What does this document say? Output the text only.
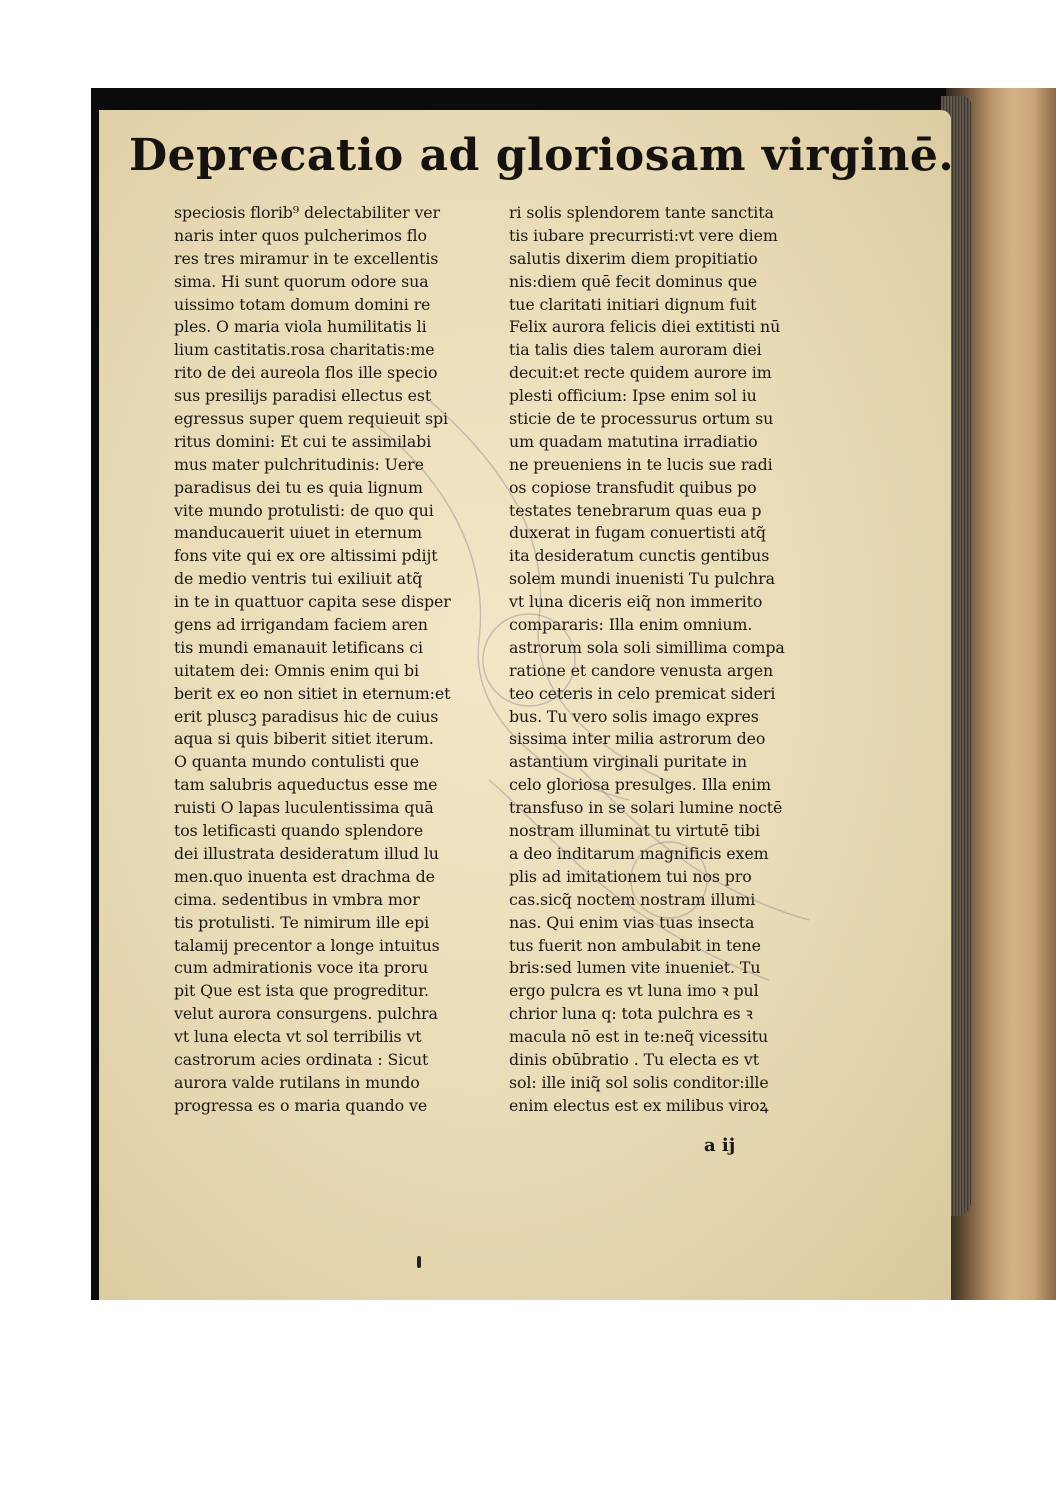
Deprecatio ad gloriosam virginē.
speciosis florib⁹ delectabiliter ver
naris inter quos pulcherimos flo
res tres miramur in te excellentis
sima. Hi sunt quorum odore sua
uissimo totam domum domini re
ples. O maria viola humilitatis li
lium castitatis.rosa charitatis:me
rito de dei aureola flos ille specio
sus presilijs paradisi ellectus est
egressus super quem requieuit spi
ritus domini: Et cui te assimilabi
mus mater pulchritudinis: Uere
paradisus dei tu es quia lignum
vite mundo protulisti: de quo qui
manducauerit uiuet in eternum
fons vite qui ex ore altissimi pdijt
de medio ventris tui exiliuit atq̃
in te in quattuor capita sese disper
gens ad irrigandam faciem aren
tis mundi emanauit letificans ci
uitatem dei: Omnis enim qui bi
berit ex eo non sitiet in eternum:et
erit pluscꝫ paradisus hic de cuius
aqua si quis biberit sitiet iterum.
O quanta mundo contulisti que
tam salubris aqueductus esse me
ruisti O lapas luculentissima quā
tos letificasti quando splendore
dei illustrata desideratum illud lu
men.quo inuenta est drachma de
cima. sedentibus in vmbra mor
tis protulisti. Te nimirum ille epi
talamij precentor a longe intuitus
cum admirationis voce ita proru
pit Que est ista que progreditur.
velut aurora consurgens. pulchra
vt luna electa vt sol terribilis vt
castrorum acies ordinata : Sicut
aurora valde rutilans in mundo
progressa es o maria quando ve
ri solis splendorem tante sanctita
tis iubare precurristi:vt vere diem
salutis dixerim diem propitiatio
nis:diem quē fecit dominus que
tue claritati initiari dignum fuit
Felix aurora felicis diei extitisti nū
tia talis dies talem auroram diei
decuit:et recte quidem aurore im
plesti officium: Ipse enim sol iu
sticie de te processurus ortum su
um quadam matutina irradiatio
ne preueniens in te lucis sue radi
os copiose transfudit quibus po
testates tenebrarum quas eua p
duxerat in fugam conuertisti atq̃
ita desideratum cunctis gentibus
solem mundi inuenisti Tu pulchra
vt luna diceris eiq̃ non immerito
compararis: Illa enim omnium.
astrorum sola soli simillima compa
ratione et candore venusta argen
teo ceteris in celo premicat sideri
bus. Tu vero solis imago expres
sissima inter milia astrorum deo
astantium virginali puritate in
celo gloriosa presulges. Illa enim
transfuso in se solari lumine noctē
nostram illuminat tu virtutē tibi
a deo inditarum magnificis exem
plis ad imitationem tui nos pro
cas.sicq̃ noctem nostram illumi
nas. Qui enim vias tuas insecta
tus fuerit non ambulabit in tene
bris:sed lumen vite inueniet. Tu
ergo pulcra es vt luna imo ꝛ pul
chrior luna q: tota pulchra es ꝛ
macula nō est in te:neq̃ vicessitu
dinis obūbratio . Tu electa es vt
sol: ille iniq̃ sol solis conditor:ille
enim electus est ex milibus viroꝝ
a ij
